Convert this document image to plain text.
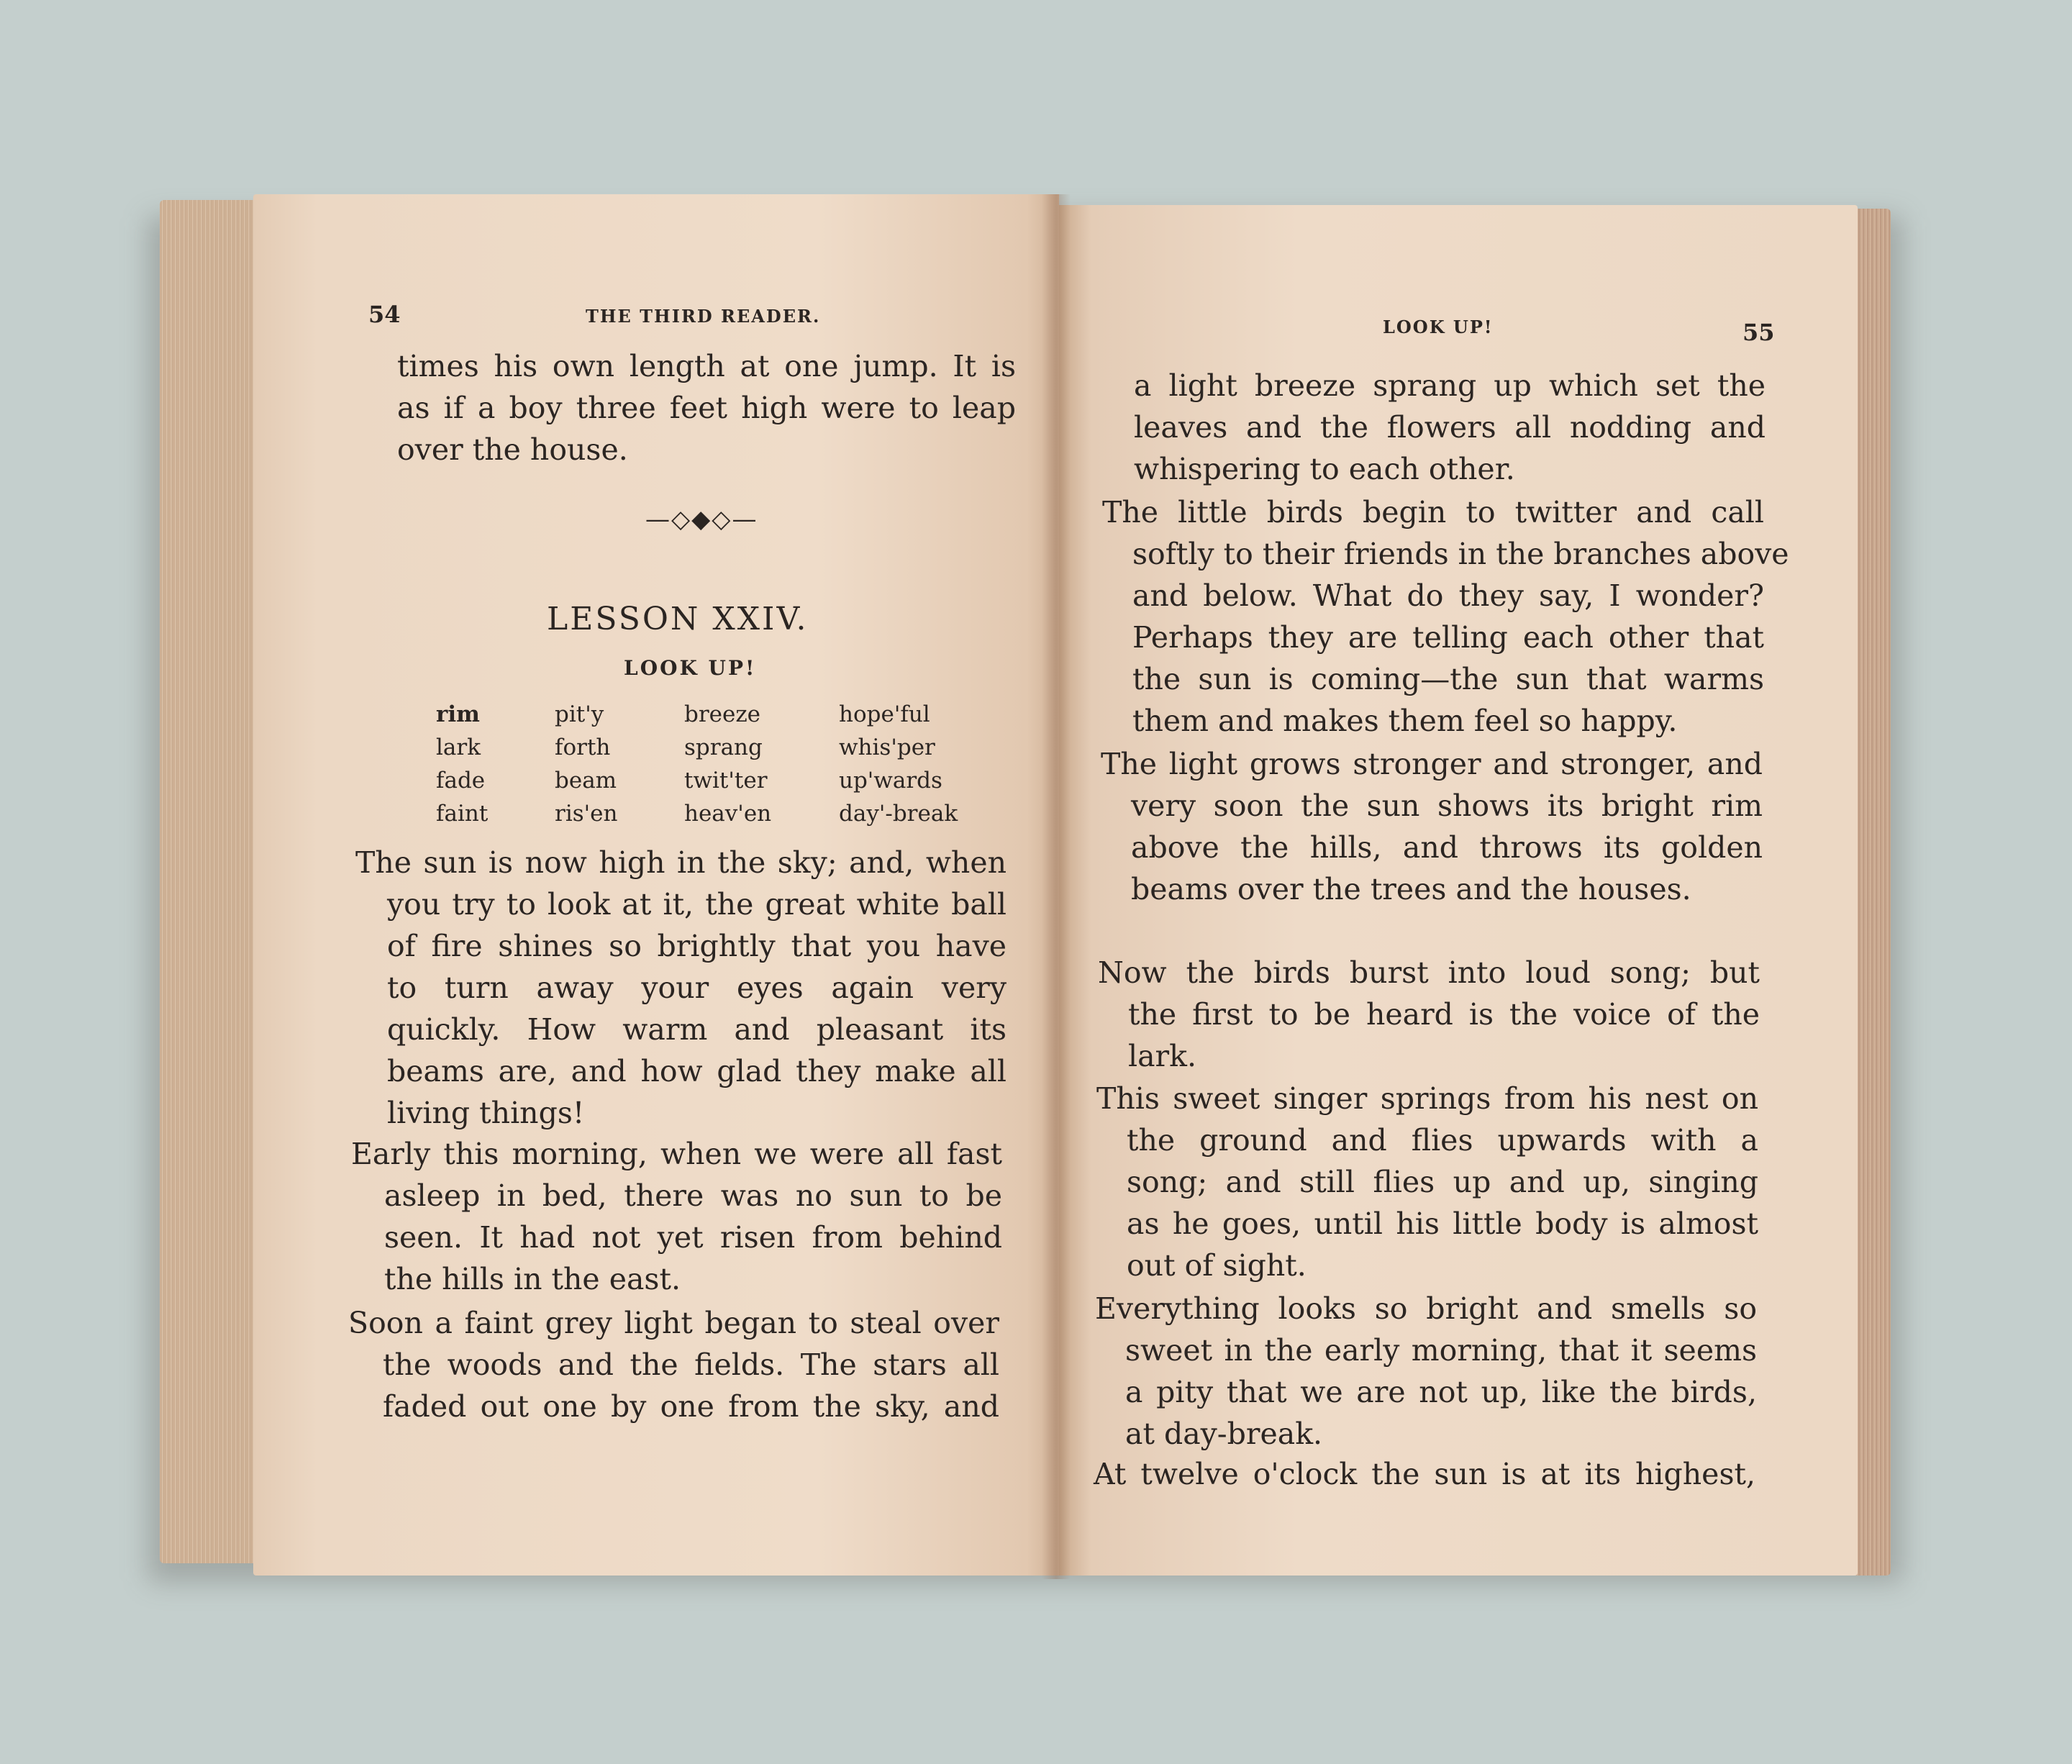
54	THE THIRD READER.
times his own length at one jump. It is
as if a boy three feet high were to leap
over the house.
—◇◆◇—
LESSON XXIV.
LOOK UP!
rim
lark
fade
faint
pit'y
forth
beam
ris'en
breeze
sprang
twit'ter
heav'en
hope'ful
whis'per
up'wards
day'-break
The sun is now high in the sky; and, when
you try to look at it, the great white ball
of fire shines so brightly that you have
to turn away your eyes again very
quickly. How warm and pleasant its
beams are, and how glad they make all
living things!
Early this morning, when we were all fast
asleep in bed, there was no sun to be
seen. It had not yet risen from behind
the hills in the east.
Soon a faint grey light began to steal over
the woods and the fields. The stars all
faded out one by one from the sky, and
LOOK UP!	55
a light breeze sprang up which set the
leaves and the flowers all nodding and
whispering to each other.
The little birds begin to twitter and call
softly to their friends in the branches above
and below. What do they say, I wonder?
Perhaps they are telling each other that
the sun is coming—the sun that warms
them and makes them feel so happy.
The light grows stronger and stronger, and
very soon the sun shows its bright rim
above the hills, and throws its golden
beams over the trees and the houses.
Now the birds burst into loud song; but
the first to be heard is the voice of the
lark.
This sweet singer springs from his nest on
the ground and flies upwards with a
song; and still flies up and up, singing
as he goes, until his little body is almost
out of sight.
Everything looks so bright and smells so
sweet in the early morning, that it seems
a pity that we are not up, like the birds,
at day-break.
At twelve o'clock the sun is at its highest,
